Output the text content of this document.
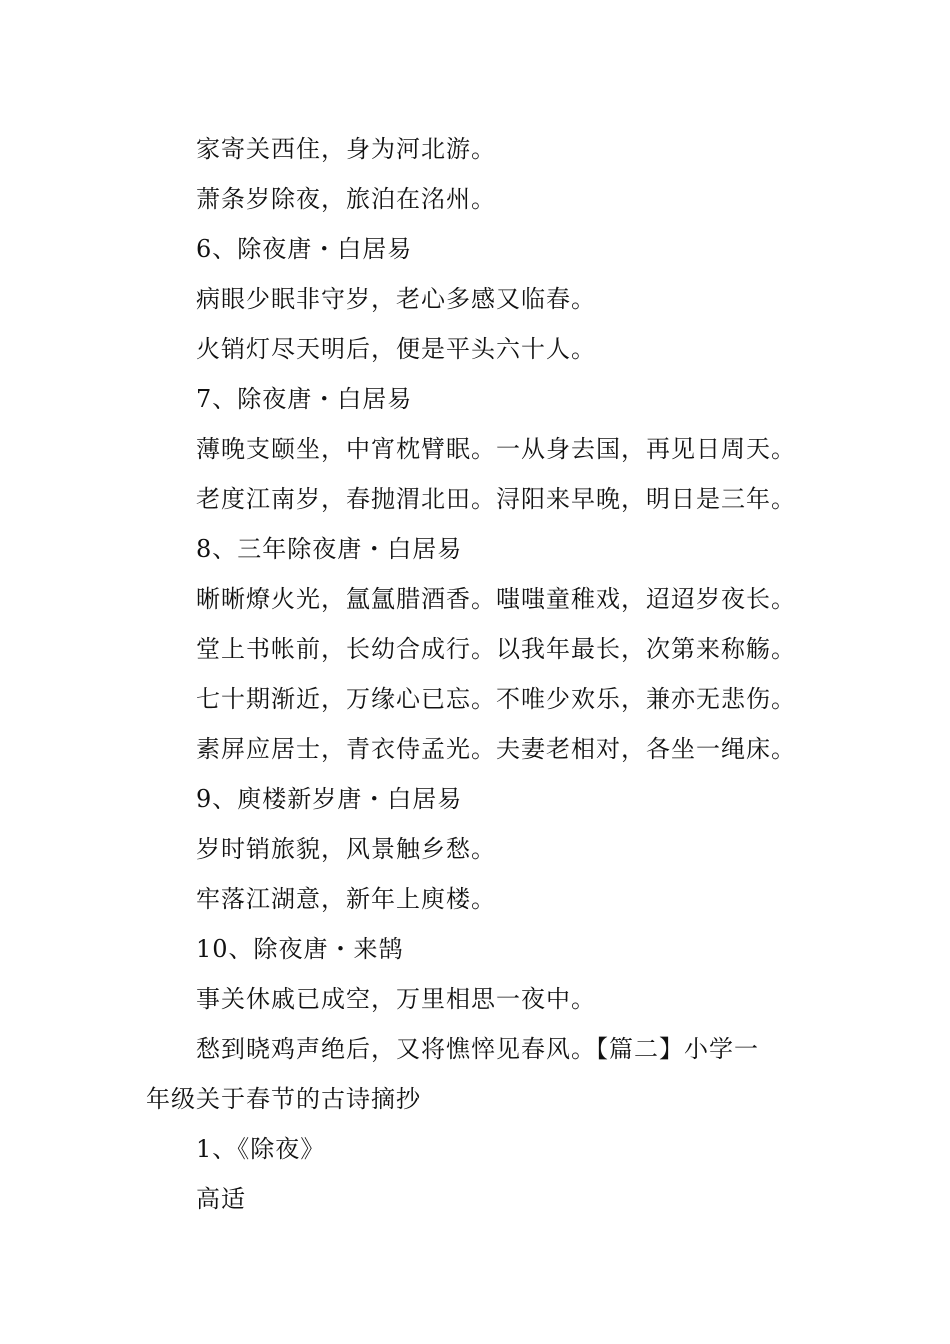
家寄关西住，身为河北游。
萧条岁除夜，旅泊在洺州。
6、除夜唐・白居易
病眼少眠非守岁，老心多感又临春。
火销灯尽天明后，便是平头六十人。
7、除夜唐・白居易
薄晚支颐坐，中宵枕臂眠。一从身去国，再见日周天。
老度江南岁，春抛渭北田。浔阳来早晚，明日是三年。
8、三年除夜唐・白居易
晰晰燎火光，氲氲腊酒香。嗤嗤童稚戏，迢迢岁夜长。
堂上书帐前，长幼合成行。以我年最长，次第来称觞。
七十期渐近，万缘心已忘。不唯少欢乐，兼亦无悲伤。
素屏应居士，青衣侍孟光。夫妻老相对，各坐一绳床。
9、庾楼新岁唐・白居易
岁时销旅貌，风景触乡愁。
牢落江湖意，新年上庾楼。
10、除夜唐・来鹄
事关休戚已成空，万里相思一夜中。
愁到晓鸡声绝后，又将憔悴见春风。【篇二】小学一
年级关于春节的古诗摘抄
1、《除夜》
高适
